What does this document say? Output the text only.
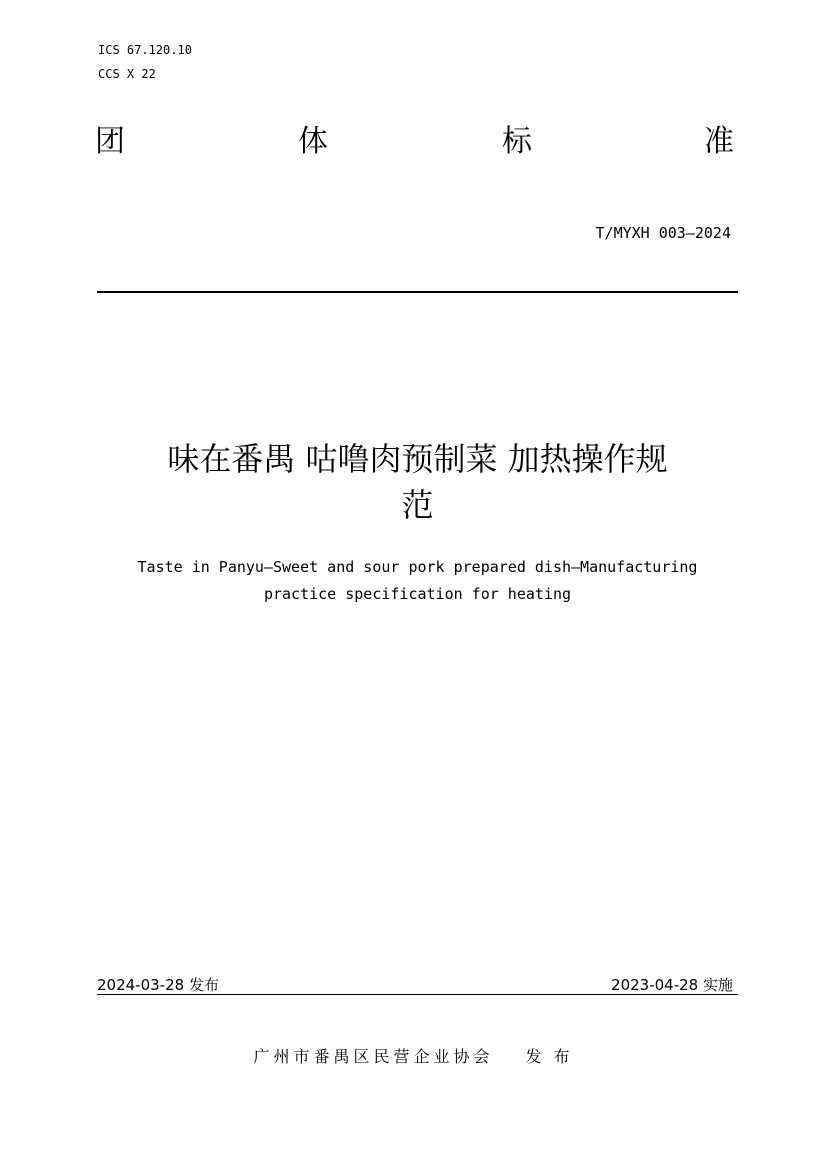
ICS 67.120.10
CCS X 22
团	体	标	准
T/MYXH 003—2024
味在番禺 咕噜肉预制菜 加热操作规
范
Taste in Panyu—Sweet and sour pork prepared dish—Manufacturing
practice specification for heating
2024-03-28 发布	2023-04-28 实施
广州市番禺区民营企业协会 发布
